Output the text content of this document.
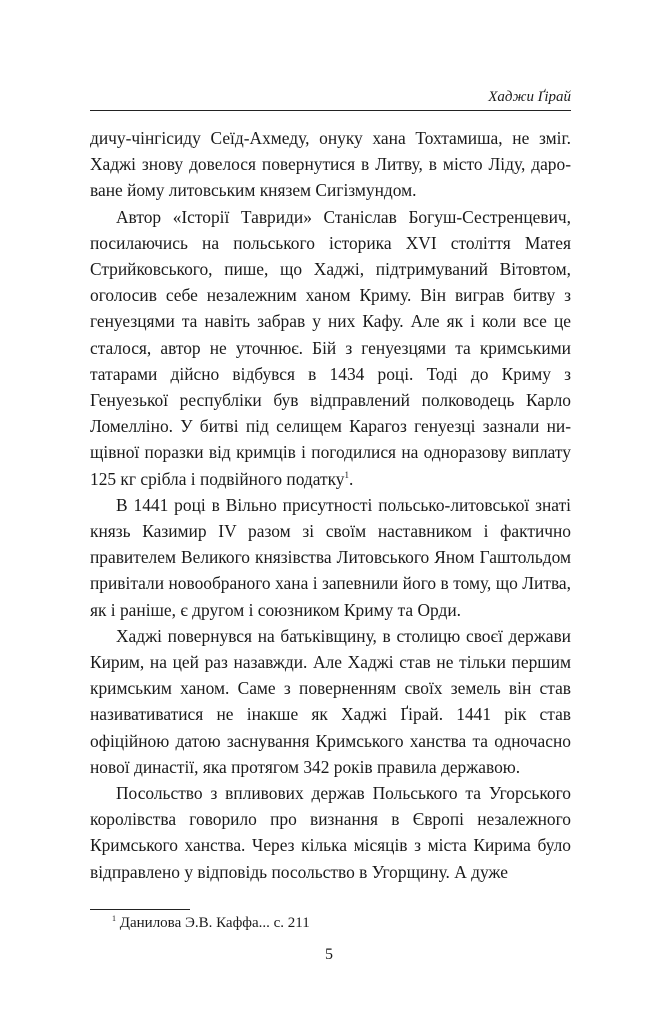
Хаджи Ґірай

дичу-чінгісиду Сеїд-Ахмеду, онуку хана Тохтамиша, не зміг. Хаджі знову довелося повернутися в Литву, в місто Ліду, дароване йому литовським князем Сигізмундом.

Автор «Історії Тавриди» Станіслав Богуш-Сестренцевич, посилаючись на польського історика XVI століття Матея Стрийковського, пише, що Хаджі, підтримуваний Вітовтом, оголосив себе незалежним ханом Криму. Він виграв битву з генуезцями та навіть забрав у них Кафу. Але як і коли все це сталося, автор не уточнює. Бій з генуезцями та кримськими татарами дійсно відбувся в 1434 році. Тоді до Криму з Генуезької республіки був відправлений полководець Карло Ломелліно. У битві під селищем Карагоз генуезці зазнали нищівної поразки від кримців і погодилися на одноразову виплату 125 кг срібла і подвійного податку$^1$.

В 1441 році в Вільно присутності польсько-литовської знаті князь Казимир IV разом зі своїм наставником і фактично правителем Великого князівства Литовського Яном Гаштольдом привітали новообраного хана і запевнили його в тому, що Литва, як і раніше, є другом і союзником Криму та Орди.

Хаджі повернувся на батьківщину, в столицю своєї держави Кирим, на цей раз назавжди. Але Хаджі став не тільки першим кримським ханом. Саме з поверненням своїх земель він став називативатися не інакше як Хаджі Ґірай. 1441 рік став офіційною датою заснування Кримського ханства та одночасно нової династії, яка протягом 342 років правила державою.

Посольство з впливових держав Польського та Угорського королівства говорило про визнання в Європі незалежного Кримського ханства. Через кілька місяців з міста Кирима було відправлено у відповідь посольство в Угорщину. А дуже

$^1$ Данилова Э.В. Каффа... с. 211
5
